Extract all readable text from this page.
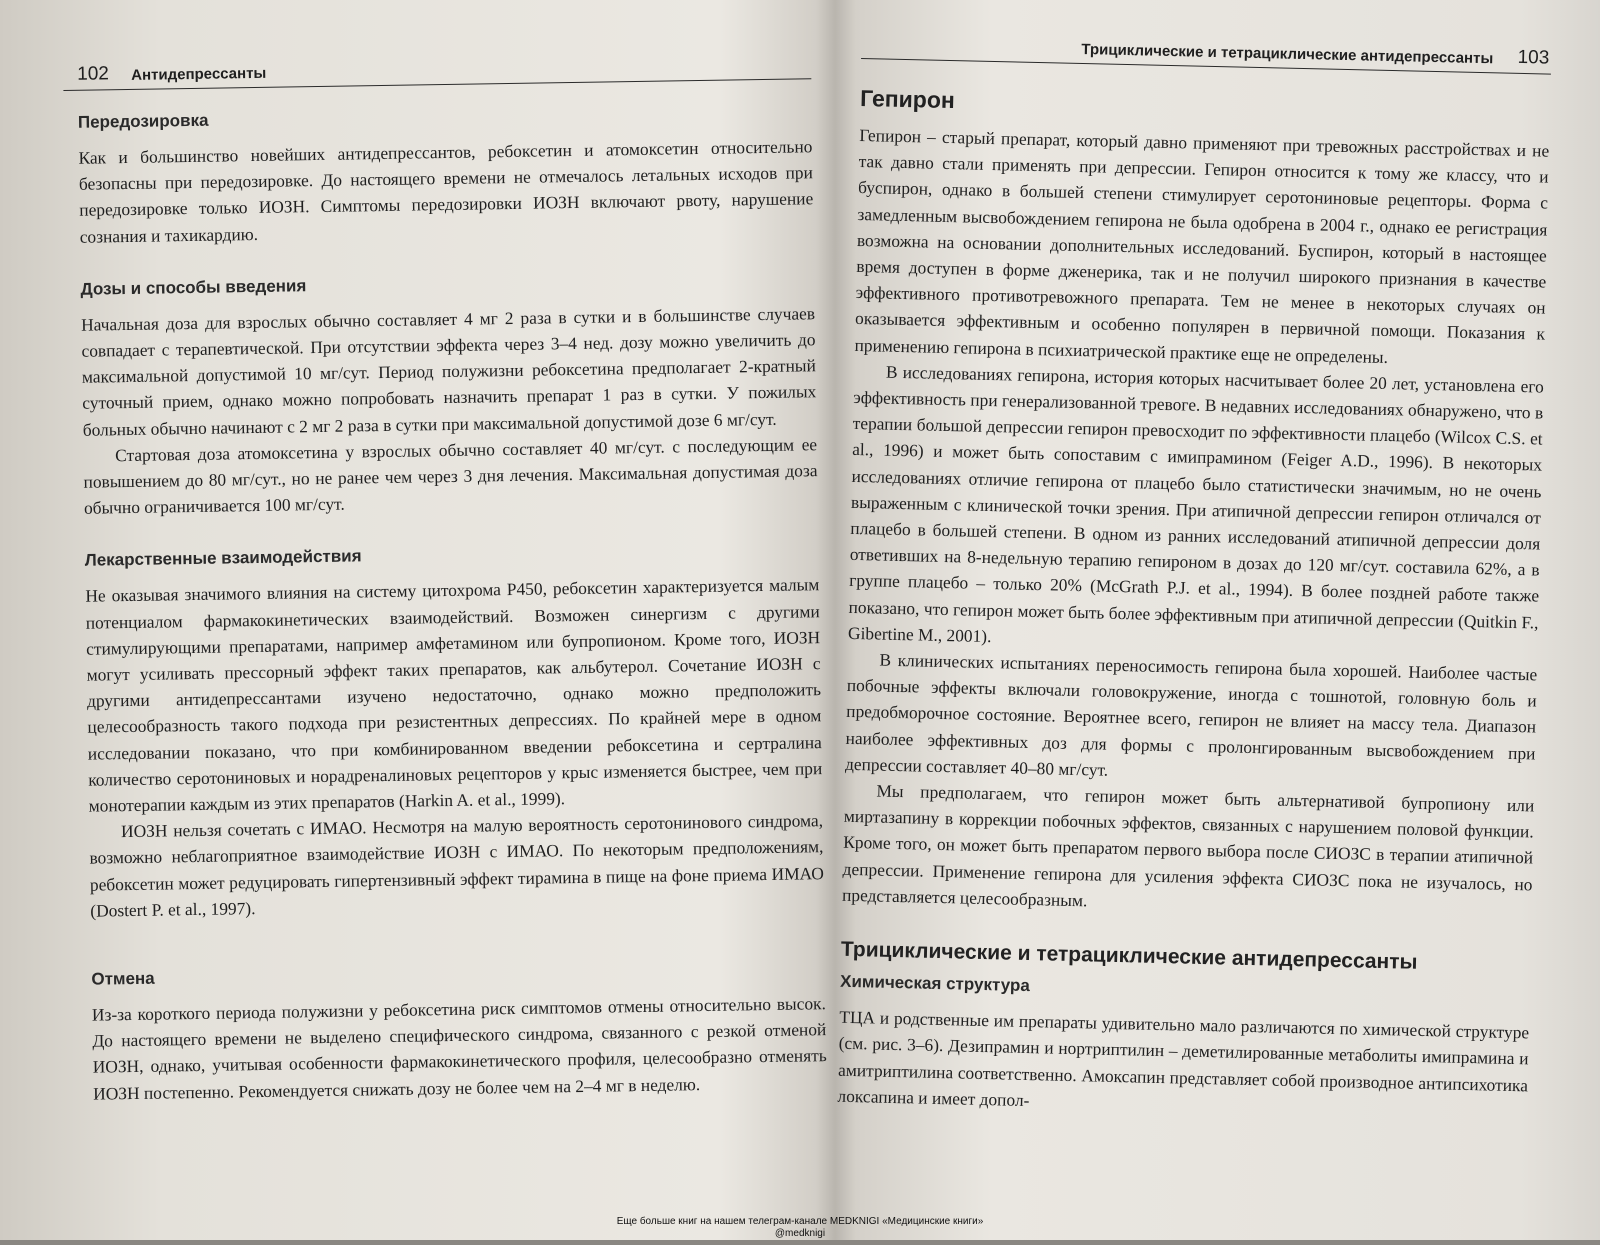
102 Антидепрессанты
Передозировка

Как и большинство новейших антидепрессантов, ребоксетин и атомоксетин относительно безопасны при передозировке. До настоящего времени не отмечалось летальных исходов при передозировке только ИОЗН. Симптомы передозировки ИОЗН включают рвоту, нарушение сознания и тахикардию.

Дозы и способы введения

Начальная доза для взрослых обычно составляет 4 мг 2 раза в сутки и в большинстве случаев совпадает с терапевтической. При отсутствии эффекта через 3–4 нед. дозу можно увеличить до максимальной допустимой 10 мг/сут. Период полужизни ребоксетина предполагает 2-кратный суточный прием, однако можно попробовать назначить препарат 1 раз в сутки. У пожилых больных обычно начинают с 2 мг 2 раза в сутки при максимальной допустимой дозе 6 мг/сут.

Стартовая доза атомоксетина у взрослых обычно составляет 40 мг/сут. с последующим ее повышением до 80 мг/сут., но не ранее чем через 3 дня лечения. Максимальная допустимая доза обычно ограничивается 100 мг/сут.

Лекарственные взаимодействия

Не оказывая значимого влияния на систему цитохрома P450, ребоксетин характеризуется малым потенциалом фармакокинетических взаимодействий. Возможен синергизм с другими стимулирующими препаратами, например амфетамином или бупропионом. Кроме того, ИОЗН могут усиливать прессорный эффект таких препаратов, как альбутерол. Сочетание ИОЗН с другими антидепрессантами изучено недостаточно, однако можно предположить целесообразность такого подхода при резистентных депрессиях. По крайней мере в одном исследовании показано, что при комбинированном введении ребоксетина и сертралина количество серотониновых и норадреналиновых рецепторов у крыс изменяется быстрее, чем при монотерапии каждым из этих препаратов (Harkin A. et al., 1999).

ИОЗН нельзя сочетать с ИМАО. Несмотря на малую вероятность серотонинового синдрома, возможно неблагоприятное взаимодействие ИОЗН с ИМАО. По некоторым предположениям, ребоксетин может редуцировать гипертензивный эффект тирамина в пище на фоне приема ИМАО (Dostert P. et al., 1997).

Отмена

Из-за короткого периода полужизни у ребоксетина риск симптомов отмены относительно высок. До настоящего времени не выделено специфического синдрома, связанного с резкой отменой ИОЗН, однако, учитывая особенности фармакокинетического профиля, целесообразно отменять ИОЗН постепенно. Рекомендуется снижать дозу не более чем на 2–4 мг в неделю.

Трициклические и тетрациклические антидепрессанты 103
Гепирон

Гепирон – старый препарат, который давно применяют при тревожных расстройствах и не так давно стали применять при депрессии. Гепирон относится к тому же классу, что и буспирон, однако в большей степени стимулирует серотониновые рецепторы. Форма с замедленным высвобождением гепирона не была одобрена в 2004 г., однако ее регистрация возможна на основании дополнительных исследований. Буспирон, который в настоящее время доступен в форме дженерика, так и не получил широкого признания в качестве эффективного противотревожного препарата. Тем не менее в некоторых случаях он оказывается эффективным и особенно популярен в первичной помощи. Показания к применению гепирона в психиатрической практике еще не определены.

В исследованиях гепирона, история которых насчитывает более 20 лет, установлена его эффективность при генерализованной тревоге. В недавних исследованиях обнаружено, что в терапии большой депрессии гепирон превосходит по эффективности плацебо (Wilcox C.S. et al., 1996) и может быть сопоставим с имипрамином (Feiger A.D., 1996). В некоторых исследованиях отличие гепирона от плацебо было статистически значимым, но не очень выраженным с клинической точки зрения. При атипичной депрессии гепирон отличался от плацебо в большей степени. В одном из ранних исследований атипичной депрессии доля ответивших на 8-недельную терапию гепироном в дозах до 120 мг/сут. составила 62%, а в группе плацебо – только 20% (McGrath P.J. et al., 1994). В более поздней работе также показано, что гепирон может быть более эффективным при атипичной депрессии (Quitkin F., Gibertine M., 2001).

В клинических испытаниях переносимость гепирона была хорошей. Наиболее частые побочные эффекты включали головокружение, иногда с тошнотой, головную боль и предобморочное состояние. Вероятнее всего, гепирон не влияет на массу тела. Диапазон наиболее эффективных доз для формы с пролонгированным высвобождением при депрессии составляет 40–80 мг/сут.

Мы предполагаем, что гепирон может быть альтернативой бупропиону или миртазапину в коррекции побочных эффектов, связанных с нарушением половой функции. Кроме того, он может быть препаратом первого выбора после СИОЗС в терапии атипичной депрессии. Применение гепирона для усиления эффекта СИОЗС пока не изучалось, но представляется целесообразным.

Трициклические и тетрациклические антидепрессанты
Химическая структура

ТЦА и родственные им препараты удивительно мало различаются по химической структуре (см. рис. 3–6). Дезипрамин и нортриптилин – деметилированные метаболиты имипрамина и амитриптилина соответственно. Амоксапин представляет собой производное антипсихотика локсапина и имеет допол-

Еще больше книг на нашем телеграм-канале MEDKNIGI «Медицинские книги»
@medknigi
